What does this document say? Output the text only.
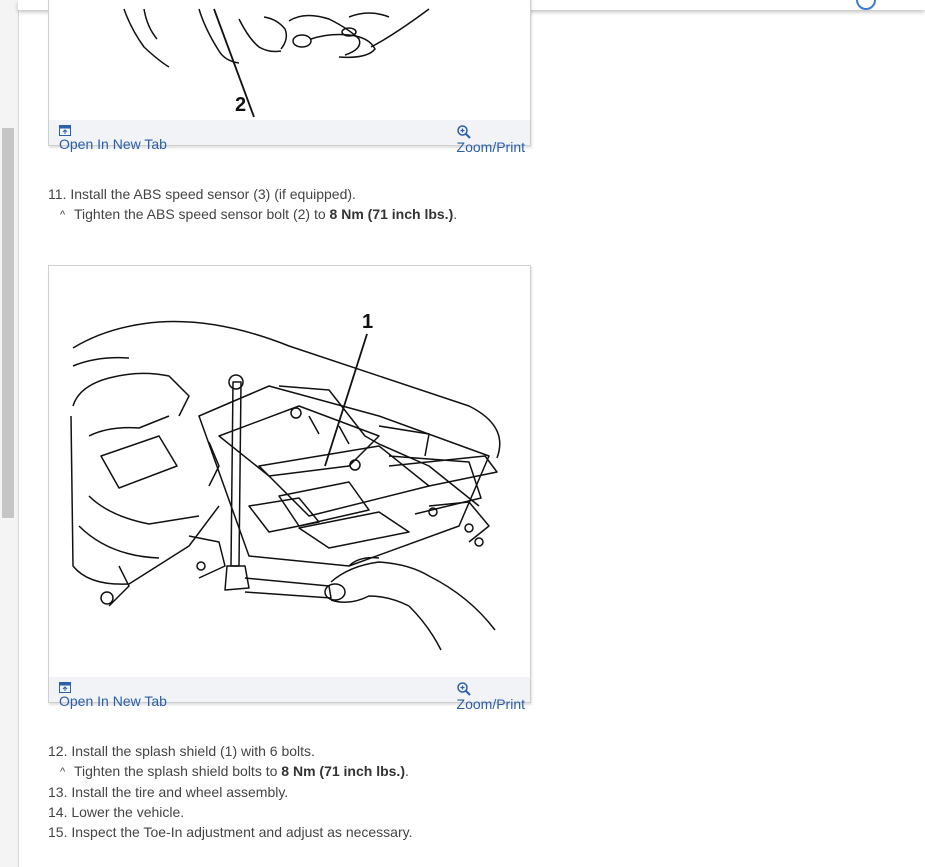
2
Open In New Tab	Zoom/Print
11. Install the ABS speed sensor (3) (if equipped).
^ Tighten the ABS speed sensor bolt (2) to 8 Nm (71 inch lbs.).
1
Open In New Tab	Zoom/Print
12. Install the splash shield (1) with 6 bolts.
^ Tighten the splash shield bolts to 8 Nm (71 inch lbs.).
13. Install the tire and wheel assembly.
14. Lower the vehicle.
15. Inspect the Toe-In adjustment and adjust as necessary.
